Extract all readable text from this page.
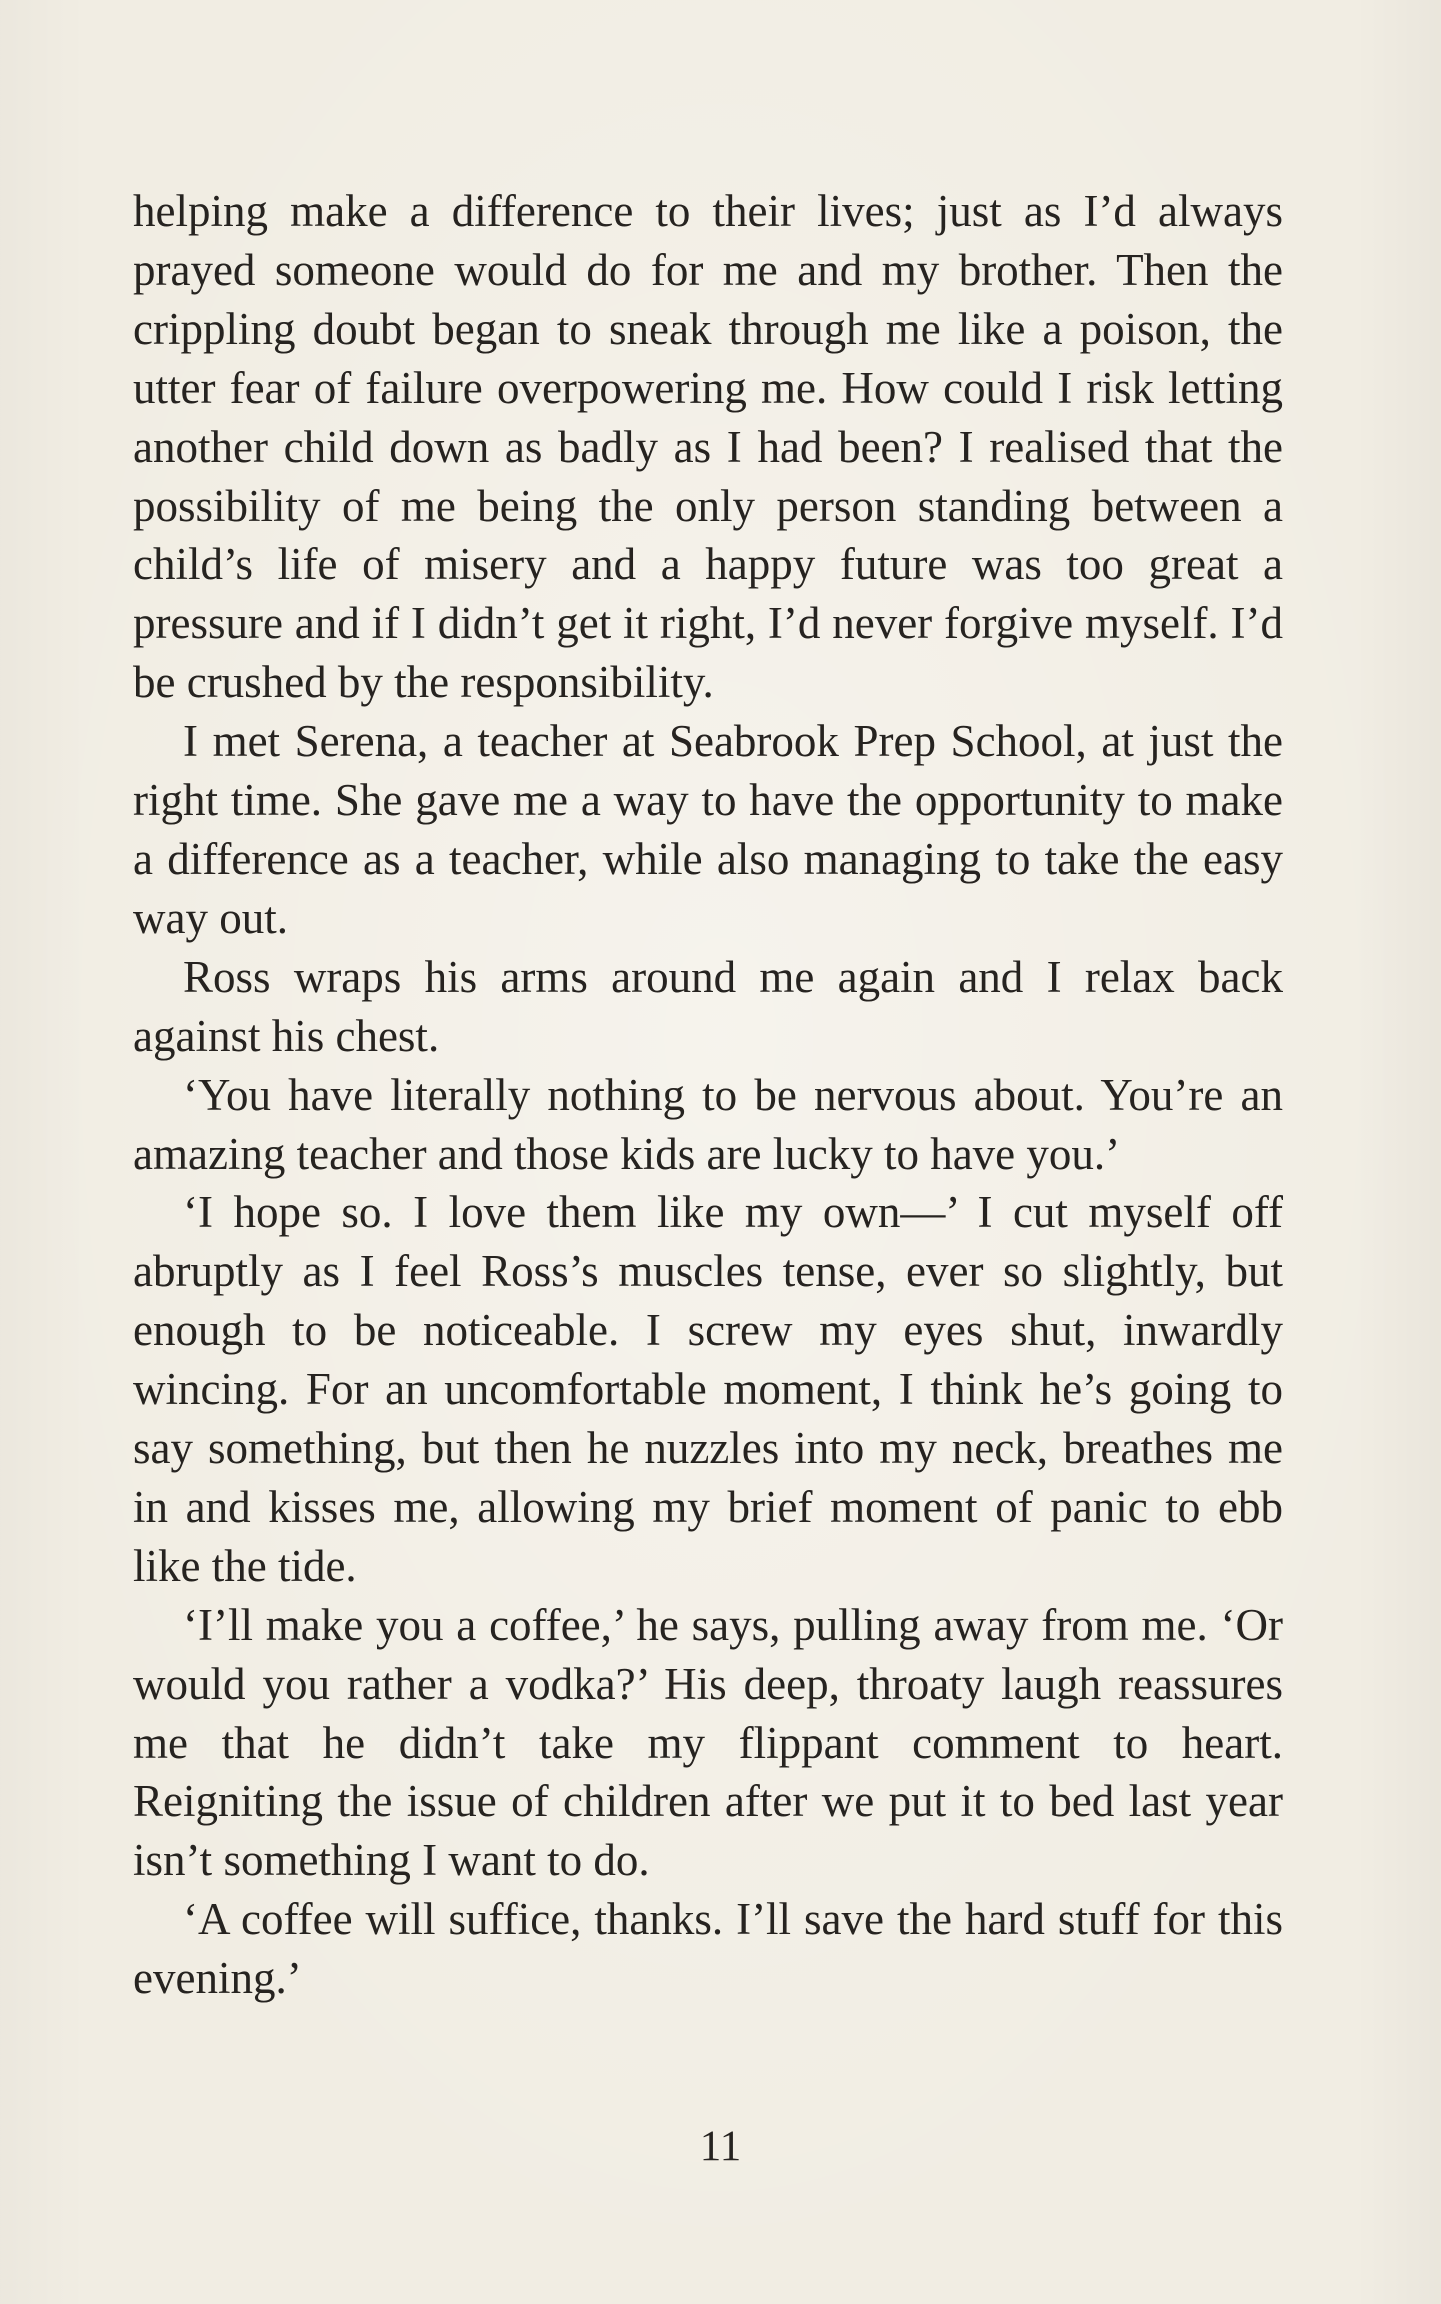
helping make a difference to their lives; just as I’d always prayed someone would do for me and my brother. Then the crippling doubt began to sneak through me like a poison, the utter fear of failure overpowering me. How could I risk letting another child down as badly as I had been? I realised that the possibility of me being the only person standing between a child’s life of misery and a happy future was too great a pressure and if I didn’t get it right, I’d never forgive myself. I’d be crushed by the responsibility.

I met Serena, a teacher at Seabrook Prep School, at just the right time. She gave me a way to have the opportunity to make a difference as a teacher, while also managing to take the easy way out.

Ross wraps his arms around me again and I relax back against his chest.

‘You have literally nothing to be nervous about. You’re an amazing teacher and those kids are lucky to have you.’

‘I hope so. I love them like my own—’ I cut myself off abruptly as I feel Ross’s muscles tense, ever so slightly, but enough to be noticeable. I screw my eyes shut, inwardly wincing. For an uncomfortable moment, I think he’s going to say something, but then he nuzzles into my neck, breathes me in and kisses me, allowing my brief moment of panic to ebb like the tide.

‘I’ll make you a coffee,’ he says, pulling away from me. ‘Or would you rather a vodka?’ His deep, throaty laugh reassures me that he didn’t take my flippant comment to heart. Reigniting the issue of children after we put it to bed last year isn’t something I want to do.

‘A coffee will suffice, thanks. I’ll save the hard stuff for this evening.’

11
